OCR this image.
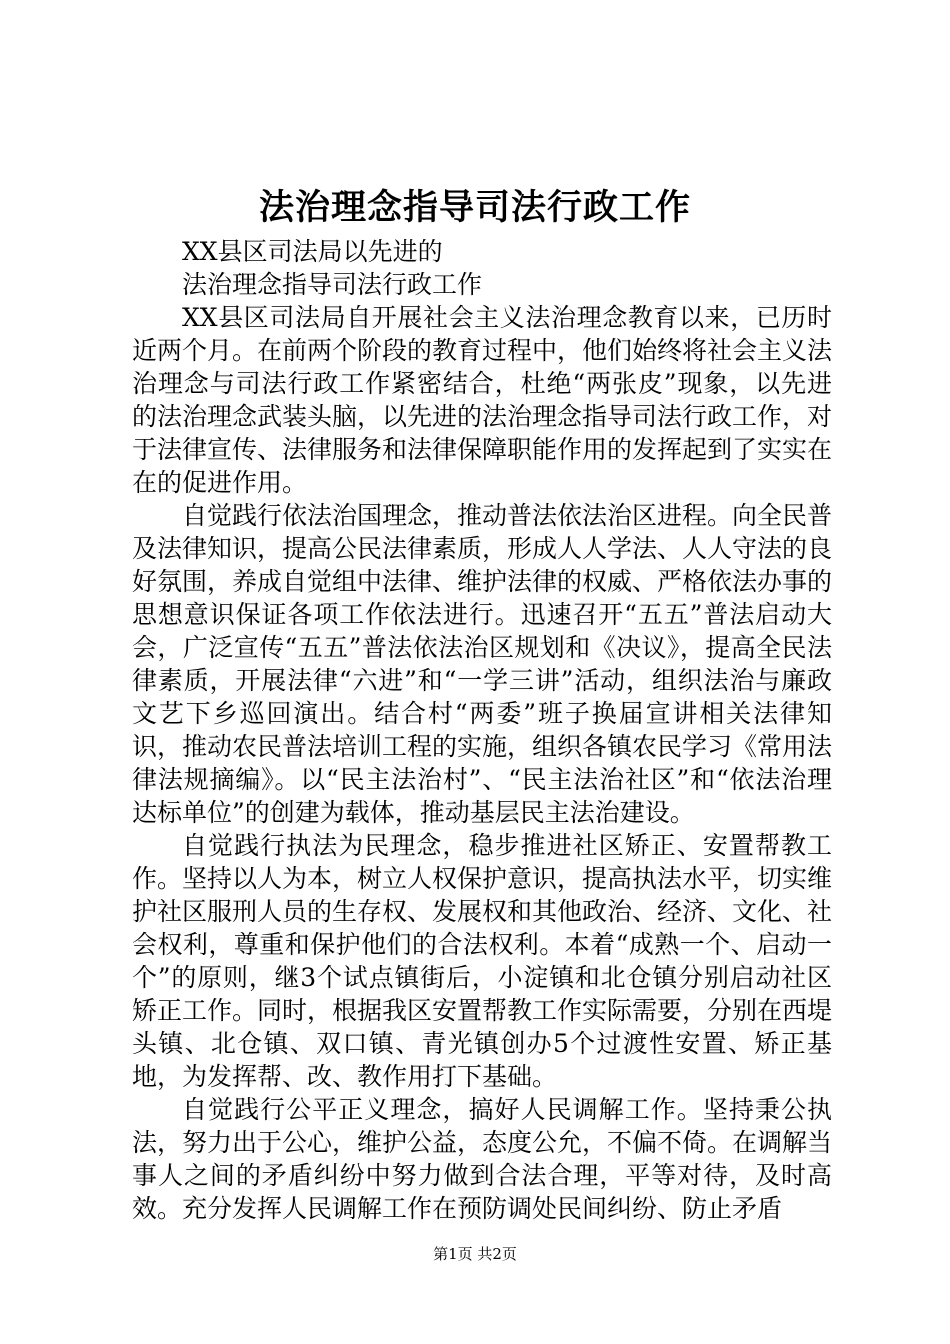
法治理念指导司法行政工作

XX县区司法局以先进的

法治理念指导司法行政工作

XX县区司法局自开展社会主义法治理念教育以来，已历时近两个月。在前两个阶段的教育过程中，他们始终将社会主义法治理念与司法行政工作紧密结合，杜绝“两张皮”现象，以先进的法治理念武装头脑，以先进的法治理念指导司法行政工作，对于法律宣传、法律服务和法律保障职能作用的发挥起到了实实在在的促进作用。

自觉践行依法治国理念，推动普法依法治区进程。向全民普及法律知识，提高公民法律素质，形成人人学法、人人守法的良好氛围，养成自觉组中法律、维护法律的权威、严格依法办事的思想意识保证各项工作依法进行。迅速召开“五五”普法启动大会，广泛宣传“五五”普法依法治区规划和《决议》，提高全民法律素质，开展法律“六进”和“一学三讲”活动，组织法治与廉政文艺下乡巡回演出。结合村“两委”班子换届宣讲相关法律知识，推动农民普法培训工程的实施，组织各镇农民学习《常用法律法规摘编》。以“民主法治村”、“民主法治社区”和“依法治理达标单位”的创建为载体，推动基层民主法治建设。

自觉践行执法为民理念，稳步推进社区矫正、安置帮教工作。坚持以人为本，树立人权保护意识，提高执法水平，切实维护社区服刑人员的生存权、发展权和其他政治、经济、文化、社会权利，尊重和保护他们的合法权利。本着“成熟一个、启动一个”的原则，继3个试点镇街后，小淀镇和北仓镇分别启动社区矫正工作。同时，根据我区安置帮教工作实际需要，分别在西堤头镇、北仓镇、双口镇、青光镇创办5个过渡性安置、矫正基地，为发挥帮、改、教作用打下基础。

自觉践行公平正义理念，搞好人民调解工作。坚持秉公执法，努力出于公心，维护公益，态度公允，不偏不倚。在调解当事人之间的矛盾纠纷中努力做到合法合理，平等对待，及时高效。充分发挥人民调解工作在预防调处民间纠纷、防止矛盾

第1页 共2页
